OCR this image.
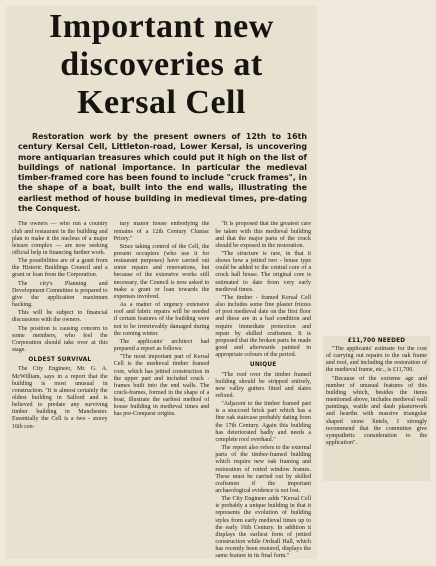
Important new discoveries at Kersal Cell

Restoration work by the present owners of 12th to 16th century Kersal Cell, Littleton-road, Lower Kersal, is uncovering more antiquarian treasures which could put it high on the list of buildings of national importance. In particular the medieval timber-framed core has been found to include "cruck frames", in the shape of a boat, built into the end walls, illustrating the earliest method of house building in medieval times, pre-dating the Conquest.

The owners — who run a country club and restaurant in the building and plan to make it the nucleus of a major leisure complex — are now seeking official help in financing further work.

The possibilities are of a grant from the Historic Buildings Council and a grant or loan from the Corporation.

The city's Planning and Development Committee is prepared to give the application maximum backing.

This will be subject to financial discussions with the owners.

The position is causing concern to some members, who feel the Corporation should take over at this stage.

OLDEST SURVIVAL

The City Engineer, Mr. G. A. McWilliam, says in a report that the building is most unusual in construction. "It is almost certainly the oldest building in Salford and is believed to predate any surviving timber building in Manchester. Essentially the Cell is a two - storey 16th cen-

tury manor house embodying the remains of a 12th Century Cluniac Priory."

Since taking control of the Cell, the present occupiers (who use it for restaurant purposes) have carried out some repairs and renovations, but because of the extensive works still necessary, the Council is now asked to make a grant or loan towards the expenses involved.

As a matter of urgency extensive roof and fabric repairs will be needed if certain features of the building were not to be irretrievably damaged during the coming winter.

The applicants' architect had prepared a report as follows:

"The most important part of Kersal Cell is the medieval timber framed core, which has jettied construction in the upper part and included cruck - frames built into the end walls. The cruck-frames, formed in the shape of a boat, illustrate the earliest method of house building in medieval times and has pre-Conquest origins.

"It is proposed that the greatest care be taken with this medieval building and that the major parts of the cruck should be exposed in the restoration.

"The structure is rare, in that it shows how a jettied two - house type could be added to the central core of a cruck hall house. The original core is estimated to date from very early medieval times.

"The timber - framed Kersal Cell also includes some fine plaster friezes of post medieval date on the first floor and these are in a bad condition and require immediate protection and repair by skilled craftsmen. It is proposed that the broken parts be made good and afterwards painted in appropriate colours of the period.

UNIQUE

"The roof over the timber framed building should be stripped entirely, new valley gutters fitted and slates refixed.

"Adjacent to the timber framed part is a stuccoed brick part which has a fine oak staircase probably dating from the 17th Century. Again this building has deteriorated badly and needs a complete roof overhaul."

The report also refers to the external parts of the timber-framed building which require new oak framing and restoration of rotted window frames. These must be carried out by skilled craftsmen if the important archaeological evidence is not lost.

The City Engineer adds "Kersal Cell is probably a unique building in that it represents the evolution of building styles from early medieval times up to the early 16th Century. In addition it displays the earliest form of jettied construction while Ordsall Hall, which has recently been restored, displays the same feature in its final form."

£11,700 NEEDED

"The applicants' estimate for the cost of carrying out repairs to the oak frame and roof, and including the restoration of the medieval frame, etc., is £11,700.

"Because of the extreme age and number of unusual features of this building which, besides the items mentioned above, includes medieval wall paintings, wattle and daub plasterwork and hearths with massive triangular shaped stone lintels, I strongly recommend that the committee give sympathetic consideration to the application".
